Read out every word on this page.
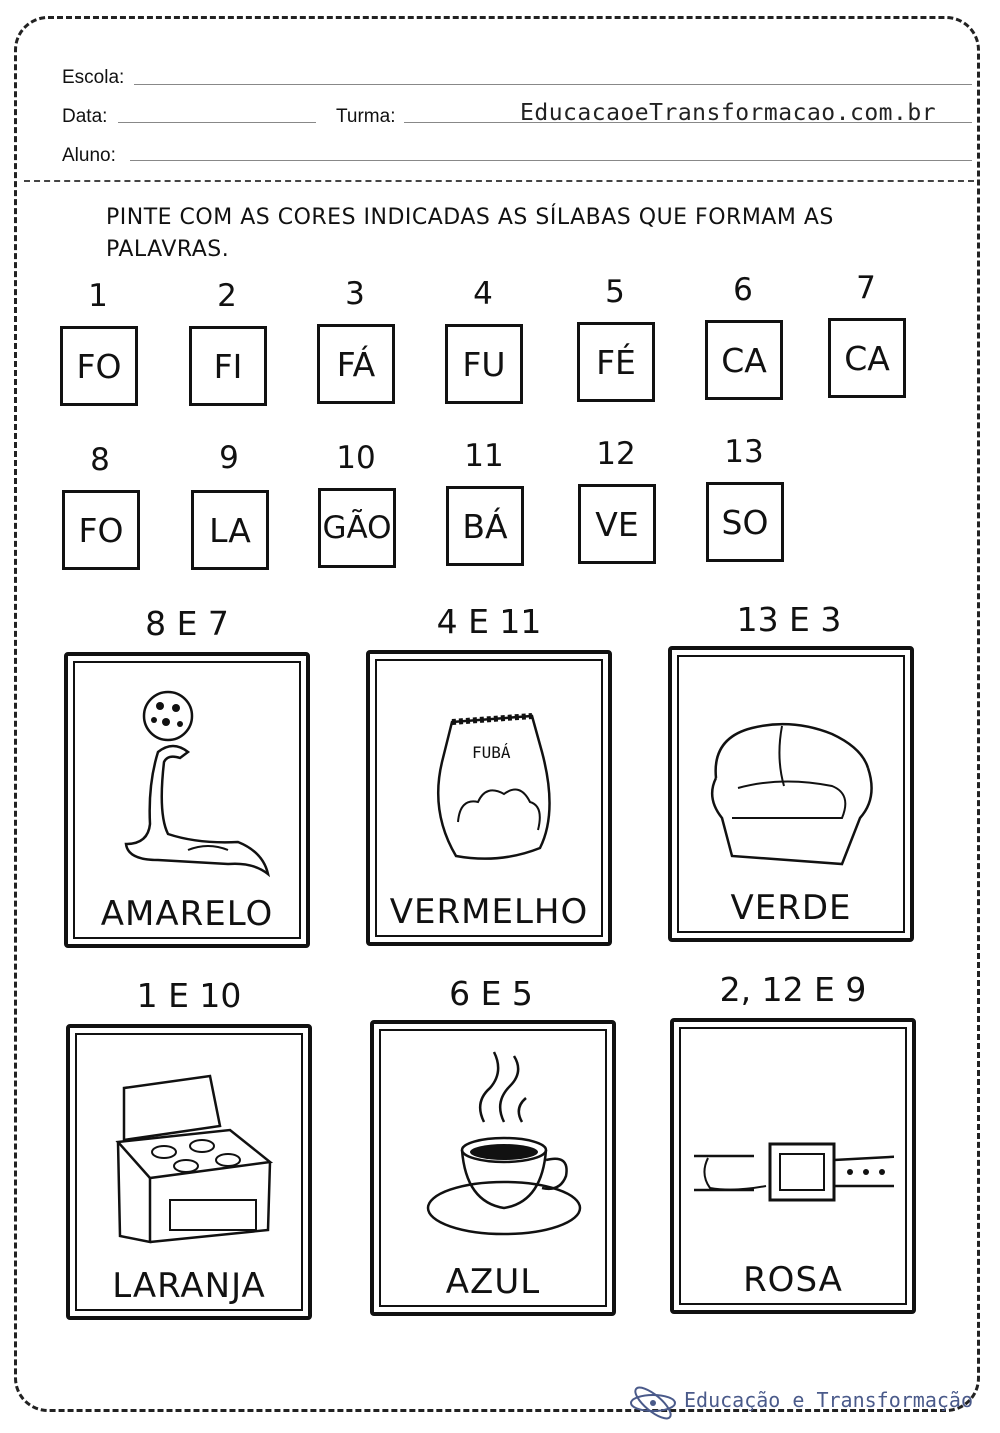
Escola:
Data:	Turma:	EducacaoeTransformacao.com.br
Aluno:
PINTE COM AS CORES INDICADAS AS SÍLABAS QUE FORMAM AS PALAVRAS.
1
FO
2
FI
3
FÁ
4
FU
5
FÉ
6
CA
7
CA
8
FO
9
LA
10
GÃO
11
BÁ
12
VE
13
SO
8 E 7
AMARELO
4 E 11
FUBÁ
VERMELHO
13 E 3
VERDE
1 E 10
LARANJA
6 E 5
AZUL
2, 12 E 9
ROSA
Educação e Transformação
